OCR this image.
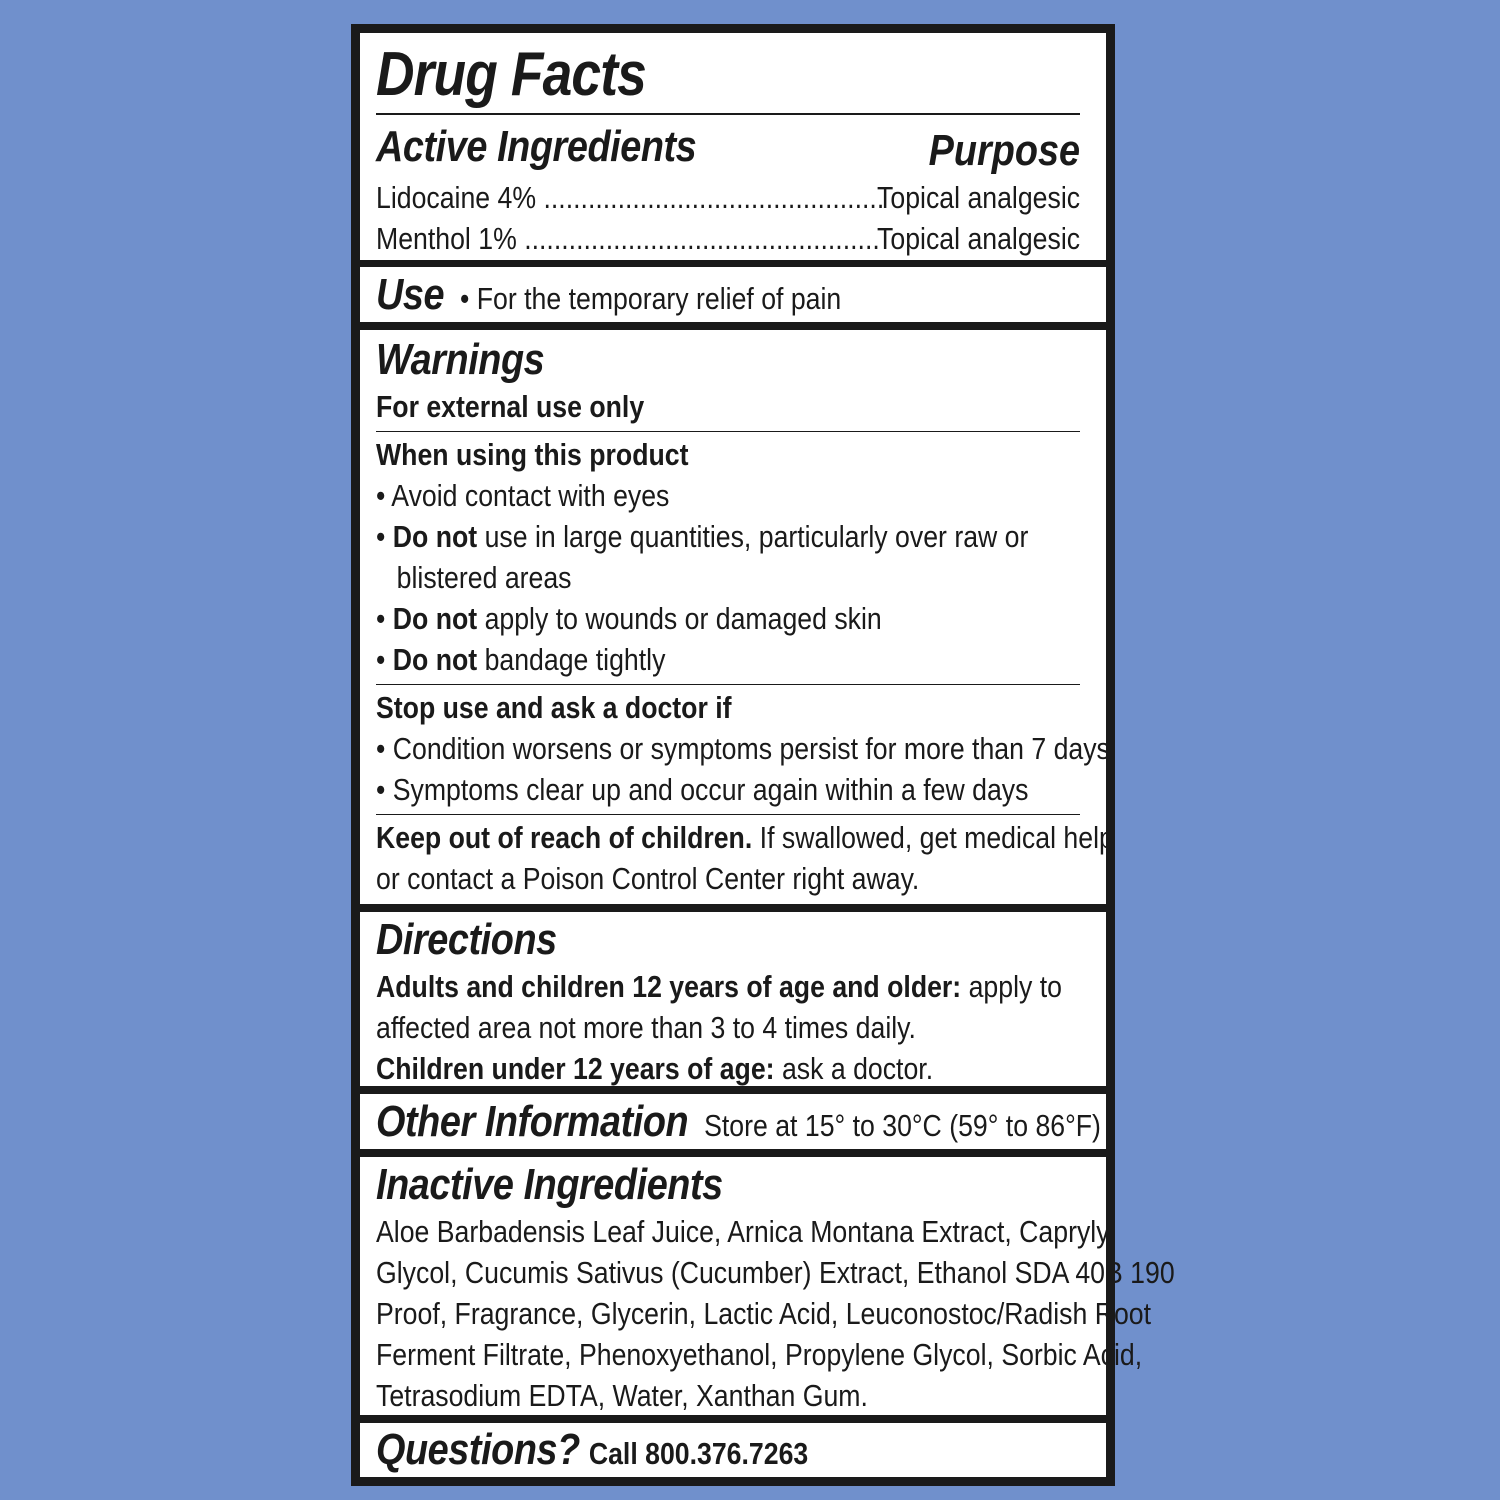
Drug Facts
Active Ingredients	Purpose
Lidocaine 4% ..............................................
Topical analgesic
Menthol 1% ................................................
Topical analgesic
Use • For the temporary relief of pain
Warnings
For external use only
When using this product
• Avoid contact with eyes
• Do not use in large quantities, particularly over raw or
blistered areas
• Do not apply to wounds or damaged skin
• Do not bandage tightly
Stop use and ask a doctor if
• Condition worsens or symptoms persist for more than 7 days
• Symptoms clear up and occur again within a few days
Keep out of reach of children. If swallowed, get medical help
or contact a Poison Control Center right away.
Directions
Adults and children 12 years of age and older: apply to
affected area not more than 3 to 4 times daily.
Children under 12 years of age: ask a doctor.
Other Information Store at 15° to 30°C (59° to 86°F)
Inactive Ingredients
Aloe Barbadensis Leaf Juice, Arnica Montana Extract, Caprylyl
Glycol, Cucumis Sativus (Cucumber) Extract, Ethanol SDA 40B 190
Proof, Fragrance, Glycerin, Lactic Acid, Leuconostoc/Radish Root
Ferment Filtrate, Phenoxyethanol, Propylene Glycol, Sorbic Acid,
Tetrasodium EDTA, Water, Xanthan Gum.
Questions? Call 800.376.7263
